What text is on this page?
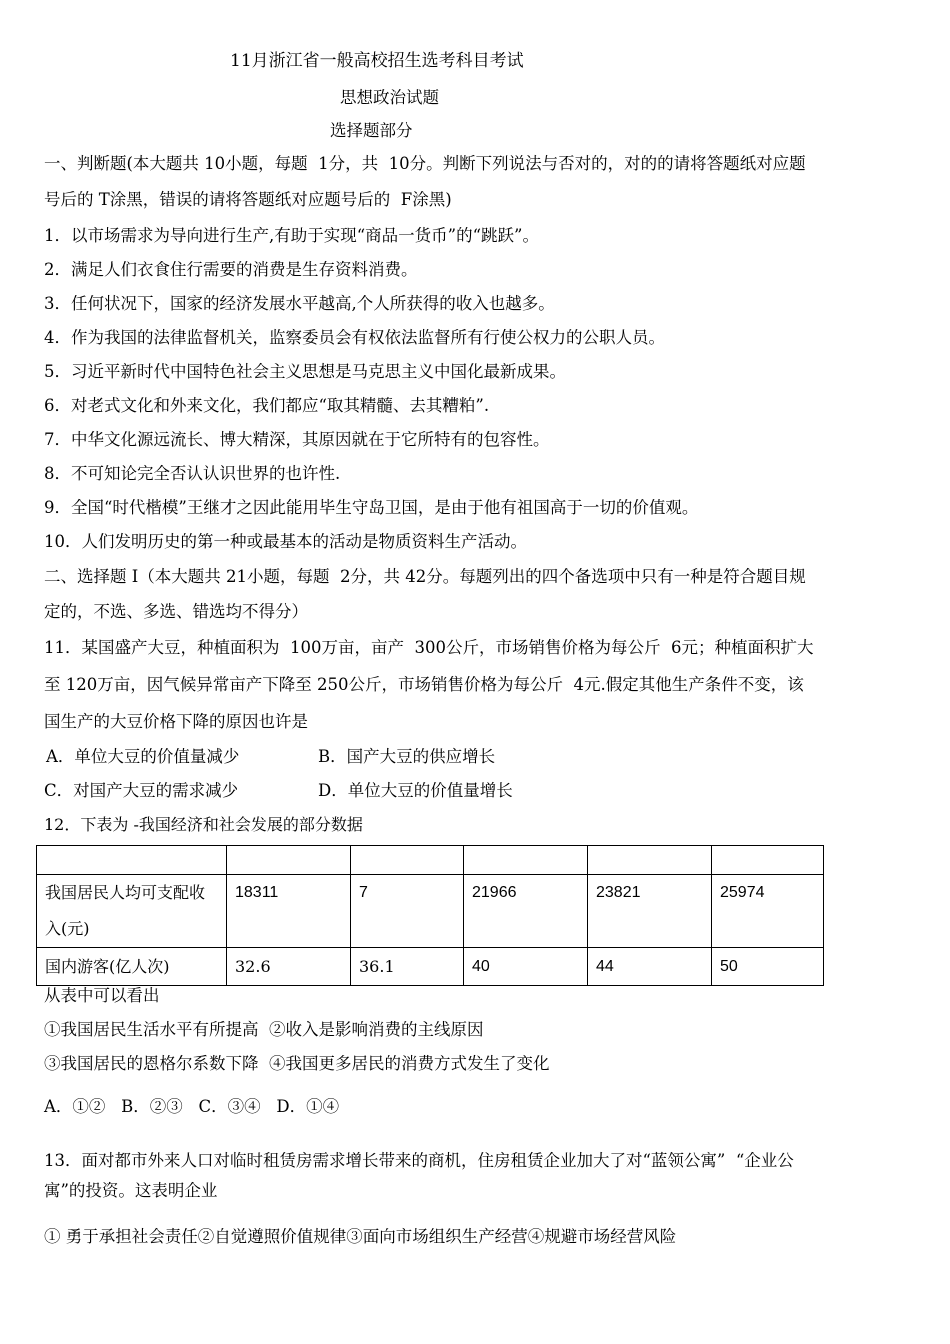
11月浙江省一般高校招生选考科目考试
思想政治试题
选择题部分
一、判断题(本大题共 10小题，每题  1分，共  10分。判断下列说法与否对的，对的的请将答题纸对应题
号后的 T涂黑，错误的请将答题纸对应题号后的  F涂黑)
1．以市场需求为导向进行生产,有助于实现“商品一货币”的“跳跃”。
2．满足人们衣食住行需要的消费是生存资料消费。
3．任何状况下，国家的经济发展水平越高,个人所获得的收入也越多。
4．作为我国的法律监督机关，监察委员会有权依法监督所有行使公权力的公职人员。
5．习近平新时代中国特色社会主义思想是马克思主义中国化最新成果。
6．对老式文化和外来文化，我们都应“取其精髓、去其糟粕”.
7．中华文化源远流长、博大精深，其原因就在于它所特有的包容性。
8．不可知论完全否认认识世界的也许性.
9．全国“时代楷模”王继才之因此能用毕生守岛卫国，是由于他有祖国高于一切的价值观。
10．人们发明历史的第一种或最基本的活动是物质资料生产活动。
二、选择题 I（本大题共 21小题，每题  2分，共 42分。每题列出的四个备选项中只有一种是符合题目规
定的，不选、多选、错选均不得分）
11．某国盛产大豆，种植面积为  100万亩，亩产  300公斤，市场销售价格为每公斤  6元；种植面积扩大
至 120万亩，因气候异常亩产下降至 250公斤，市场销售价格为每公斤  4元.假定其他生产条件不变，该
国生产的大豆价格下降的原因也许是
A．单位大豆的价值量减少	B．国产大豆的供应增长
C．对国产大豆的需求减少	D．单位大豆的价值量增长
12．下表为 -我国经济和社会发展的部分数据

我国居民人均可支配收入(元)	18311	7	21966	23821	25974
国内游客(亿人次)	32.6	36.1	40	44	50
从表中可以看出
①我国居民生活水平有所提高  ②收入是影响消费的主线原因
③我国居民的恩格尔系数下降  ④我国更多居民的消费方式发生了变化
A．①②   B．②③   C．③④   D．①④
13．面对都市外来人口对临时租赁房需求增长带来的商机，住房租赁企业加大了对“蓝领公寓”  “企业公
寓”的投资。这表明企业
① 勇于承担社会责任②自觉遵照价值规律③面向市场组织生产经营④规避市场经营风险
